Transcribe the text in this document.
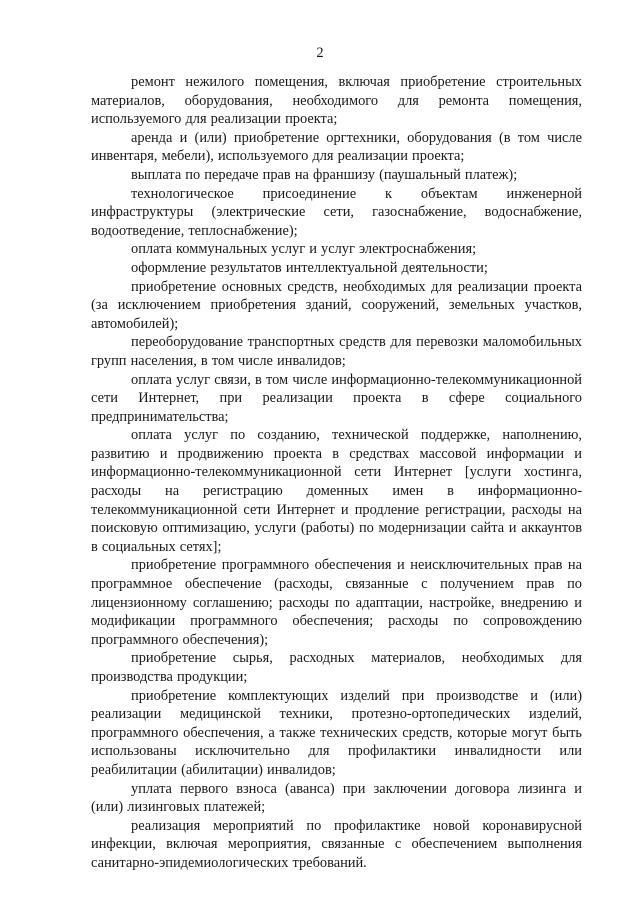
2

ремонт нежилого помещения, включая приобретение строительных материалов, оборудования, необходимого для ремонта помещения, используемого для реализации проекта;

аренда и (или) приобретение оргтехники, оборудования (в том числе инвентаря, мебели), используемого для реализации проекта;

выплата по передаче прав на франшизу (паушальный платеж);

технологическое присоединение к объектам инженерной инфраструктуры (электрические сети, газоснабжение, водоснабжение, водоотведение, теплоснабжение);

оплата коммунальных услуг и услуг электроснабжения;

оформление результатов интеллектуальной деятельности;

приобретение основных средств, необходимых для реализации проекта (за исключением приобретения зданий, сооружений, земельных участков, автомобилей);

переоборудование транспортных средств для перевозки маломобильных групп населения, в том числе инвалидов;

оплата услуг связи, в том числе информационно-телекоммуникационной сети Интернет, при реализации проекта в сфере социального предпринимательства;

оплата услуг по созданию, технической поддержке, наполнению, развитию и продвижению проекта в средствах массовой информации и информационно-телекоммуникационной сети Интернет [услуги хостинга, расходы на регистрацию доменных имен в информационно-телекоммуникационной сети Интернет и продление регистрации, расходы на поисковую оптимизацию, услуги (работы) по модернизации сайта и аккаунтов в социальных сетях];

приобретение программного обеспечения и неисключительных прав на программное обеспечение (расходы, связанные с получением прав по лицензионному соглашению; расходы по адаптации, настройке, внедрению и модификации программного обеспечения; расходы по сопровождению программного обеспечения);

приобретение сырья, расходных материалов, необходимых для производства продукции;

приобретение комплектующих изделий при производстве и (или) реализации медицинской техники, протезно-ортопедических изделий, программного обеспечения, а также технических средств, которые могут быть использованы исключительно для профилактики инвалидности или реабилитации (абилитации) инвалидов;

уплата первого взноса (аванса) при заключении договора лизинга и (или) лизинговых платежей;

реализация мероприятий по профилактике новой коронавирусной инфекции, включая мероприятия, связанные с обеспечением выполнения санитарно-эпидемиологических требований.
